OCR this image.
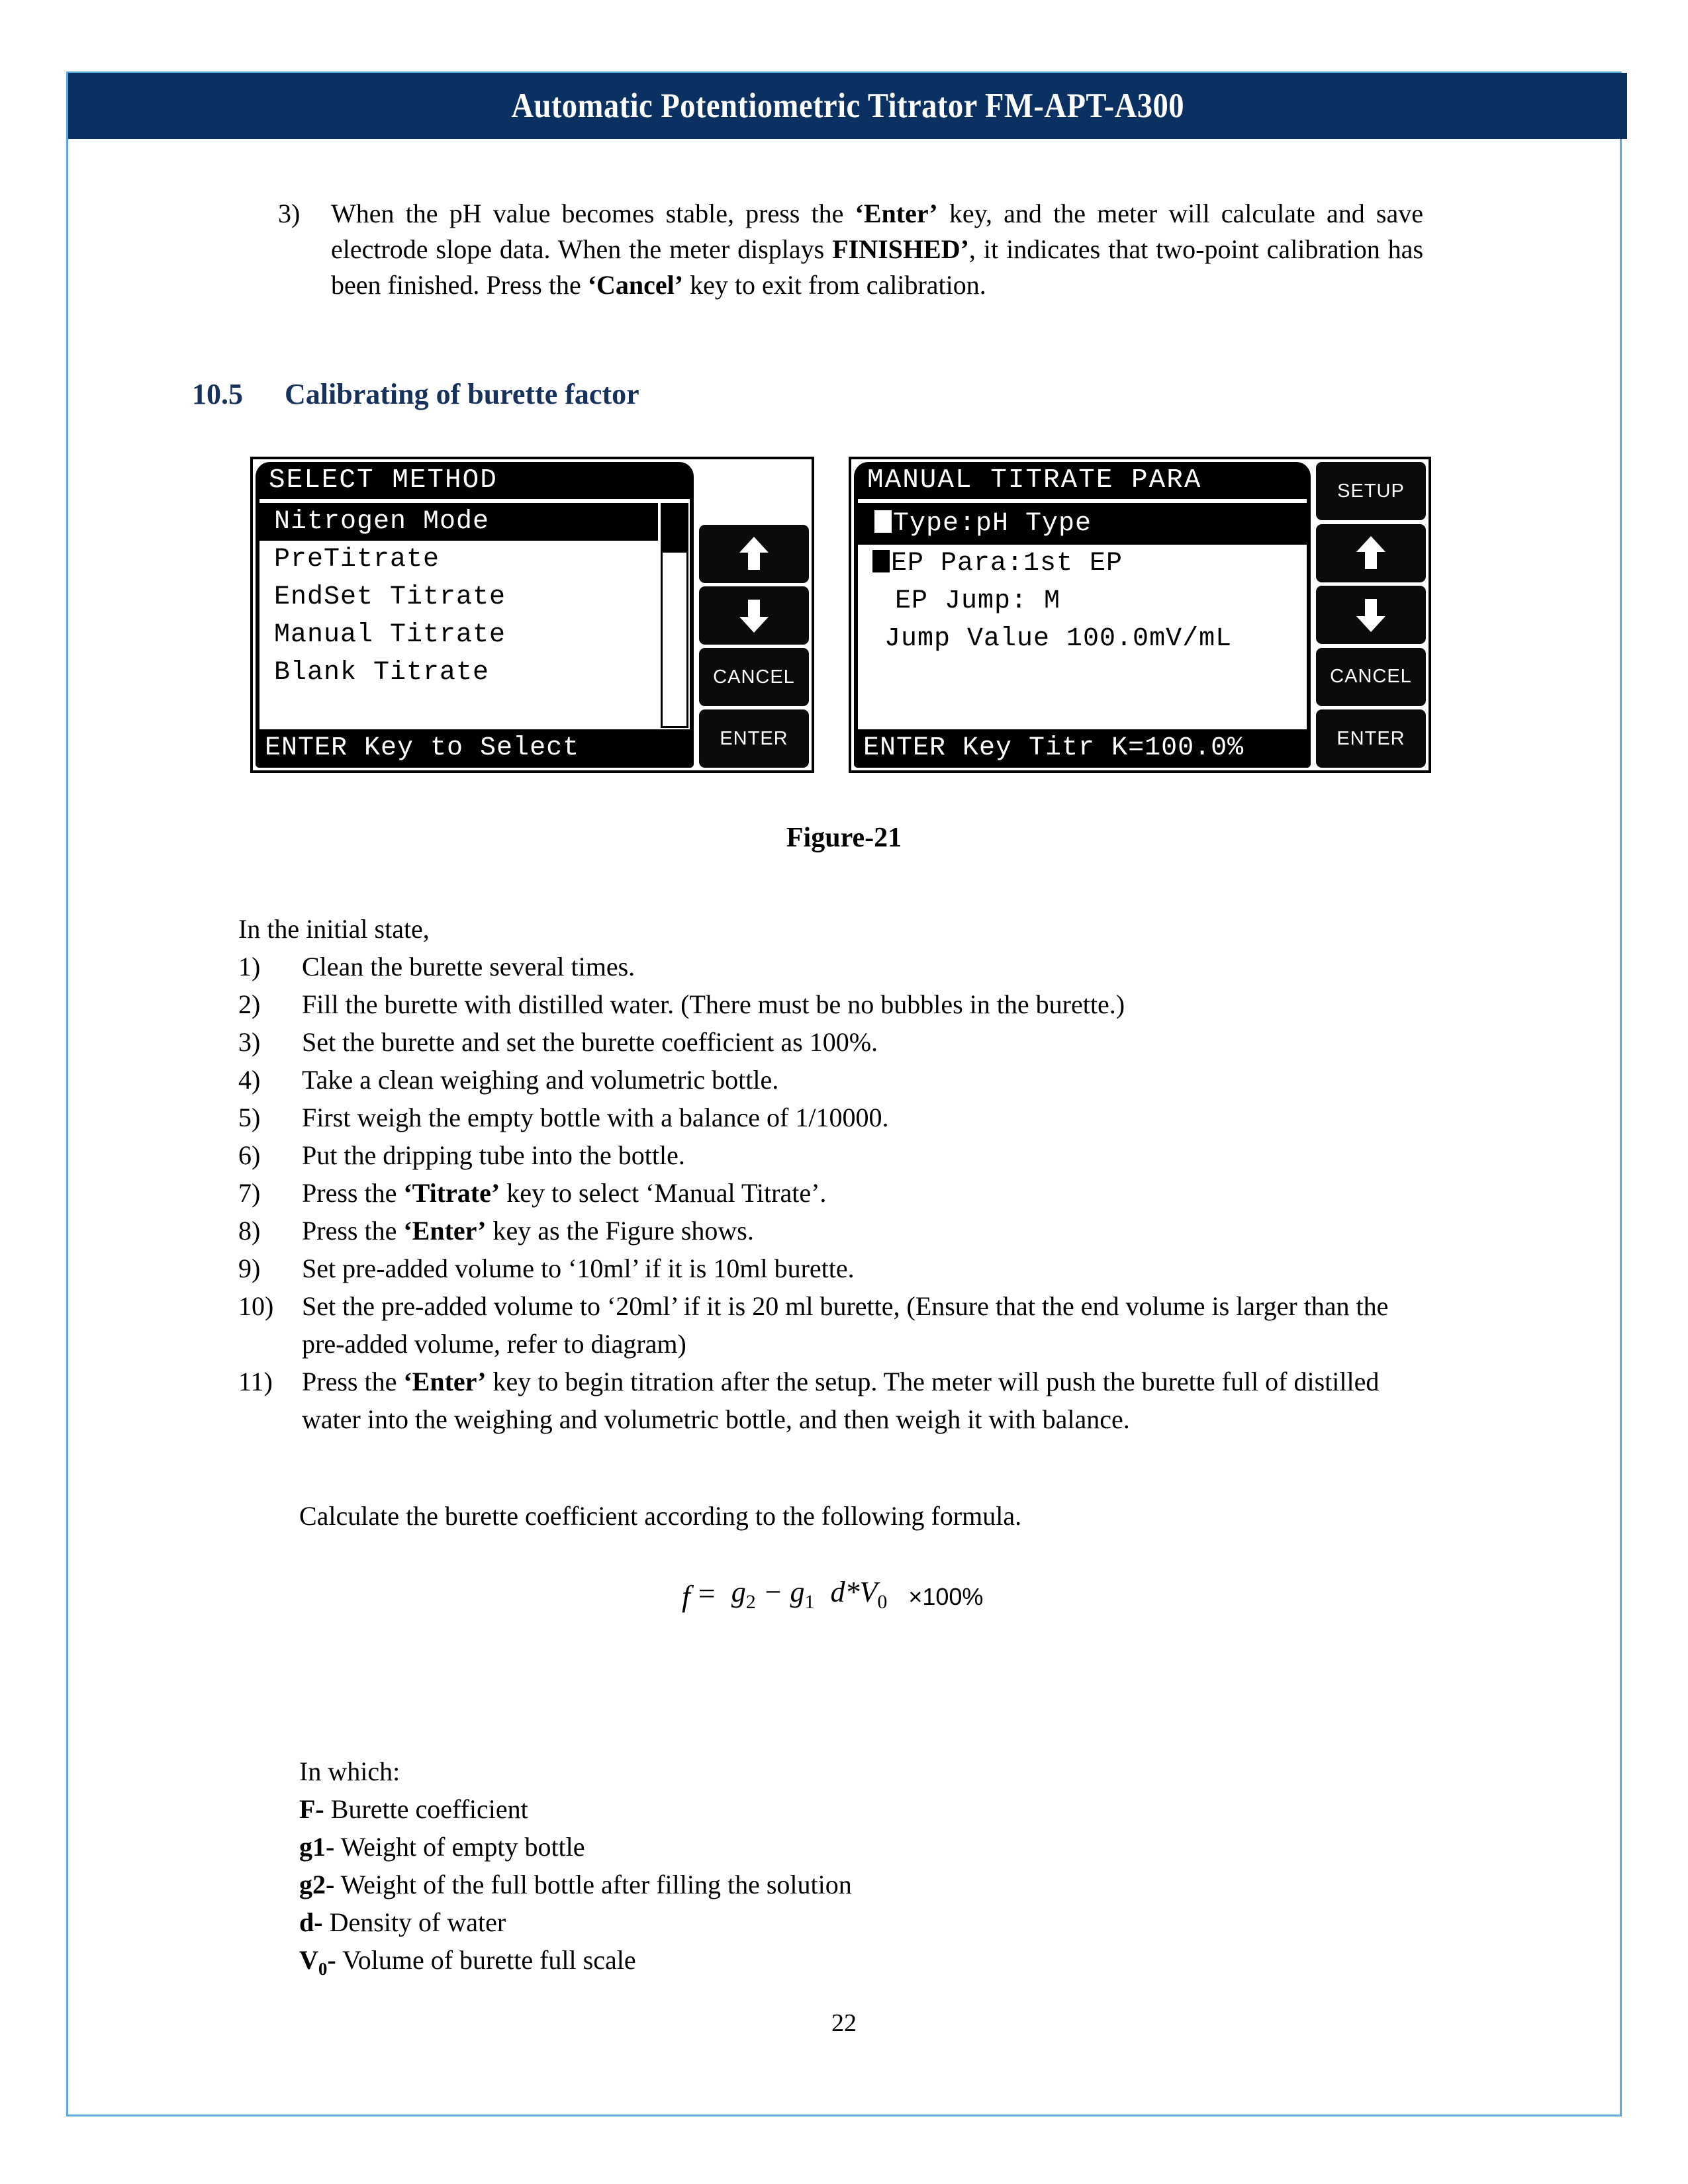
Automatic Potentiometric Titrator FM-APT-A300
3)	When the pH value becomes stable, press the ‘Enter’ key, and the meter will calculate and save electrode slope data. When the meter displays FINISHED’, it indicates that two-point calibration has been finished. Press the ‘Cancel’ key to exit from calibration.
10.5 Calibrating of burette factor
SELECT METHOD
Nitrogen Mode
PreTitrate
EndSet Titrate
Manual Titrate
Blank Titrate
ENTER Key to Select
CANCEL
ENTER
MANUAL TITRATE PARA
Type:pH Type
EP Para:1st EP
EP Jump: M
Jump Value 100.0mV/mL
ENTER Key Titr K=100.0%
SETUP
CANCEL
ENTER
Figure-21
In the initial state,
1)	Clean the burette several times.
2)	Fill the burette with distilled water. (There must be no bubbles in the burette.)
3)	Set the burette and set the burette coefficient as 100%.
4)	Take a clean weighing and volumetric bottle.
5)	First weigh the empty bottle with a balance of 1/10000.
6)	Put the dripping tube into the bottle.
7)	Press the ‘Titrate’ key to select ‘Manual Titrate’.
8)	Press the ‘Enter’ key as the Figure shows.
9)	Set pre-added volume to ‘10ml’ if it is 10ml burette.
10)	Set the pre-added volume to ‘20ml’ if it is 20 ml burette, (Ensure that the end volume is larger than the pre-added volume, refer to diagram)
11)	Press the ‘Enter’ key to begin titration after the setup. The meter will push the burette full of distilled water into the weighing and volumetric bottle, and then weigh it with balance.
Calculate the burette coefficient according to the following formula.
$f = g_2 - g_1$ $d*V_0 \times 100\%$
In which:
F- Burette coefficient
g1- Weight of empty bottle
g2- Weight of the full bottle after filling the solution
d- Density of water
$V_0-$ Volume of burette full scale
22
